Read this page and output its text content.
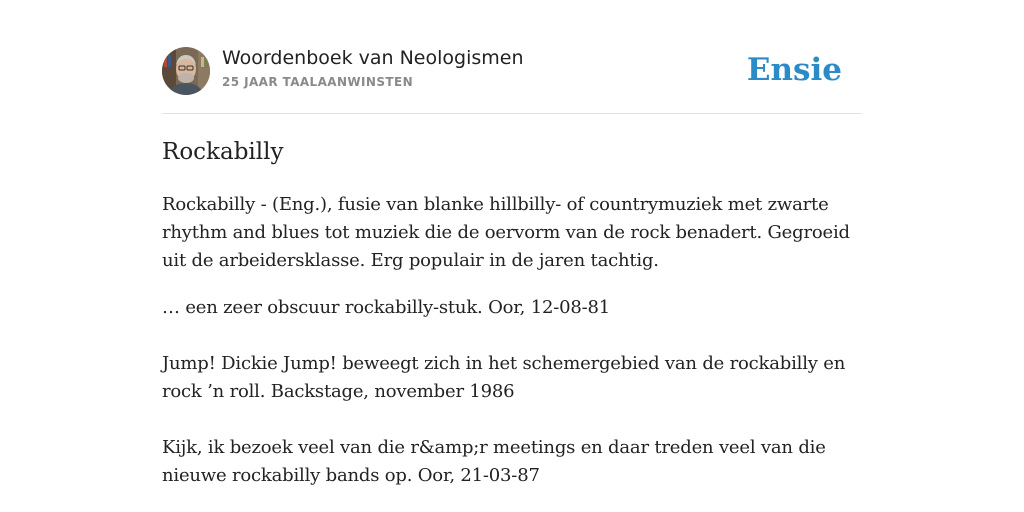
Woordenboek van Neologismen
25 JAAR TAALAANWINSTEN	Ensie
Rockabilly

Rockabilly - (Eng.), fusie van blanke hillbilly- of countrymuziek met zwarte rhythm and blues tot muziek die de oervorm van de rock benadert. Gegroeid uit de arbeidersklasse. Erg populair in de jaren tachtig.

… een zeer obscuur rockabilly-stuk. Oor, 12-08-81

Jump! Dickie Jump! beweegt zich in het schemergebied van de rockabilly en rock ’n roll. Backstage, november 1986

Kijk, ik bezoek veel van die r&amp;r meetings en daar treden veel van die nieuwe rockabilly bands op. Oor, 21-03-87
